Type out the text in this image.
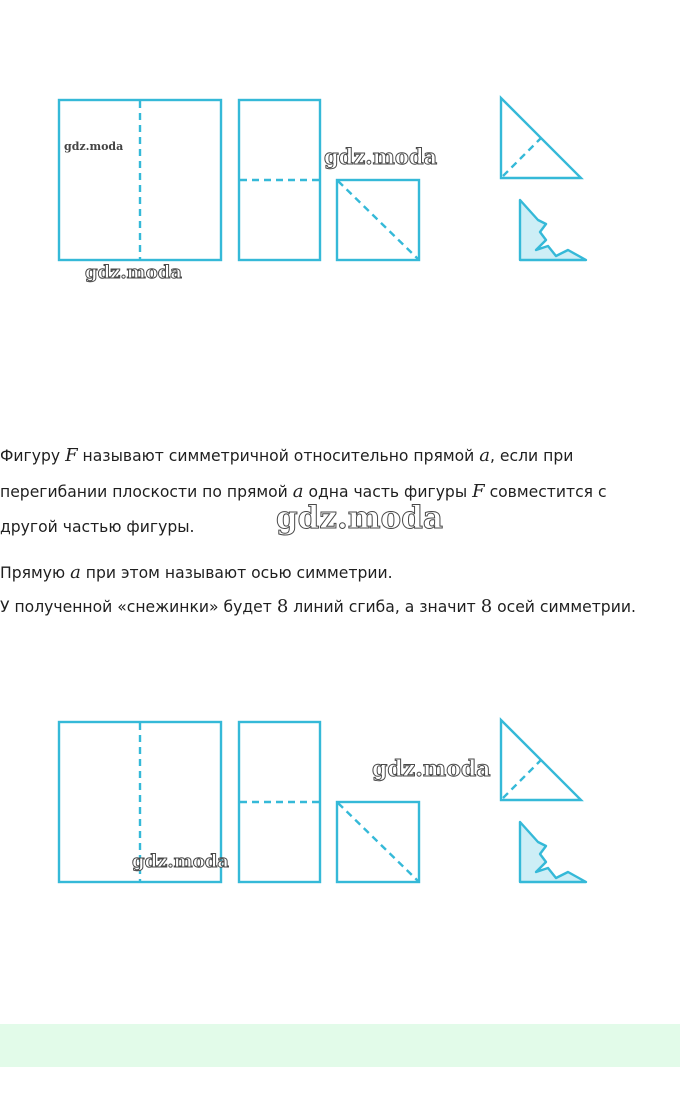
Фигуру F называют симметричной относительно прямой a, если при

перегибании плоскости по прямой a одна часть фигуры F совместится с

другой частью фигуры.

Прямую a при этом называют осью симметрии.

У полученной «снежинки» будет 8 линий сгиба, а значит 8 осей симметрии.

gdz.moda	gdz.moda
gdz.moda
gdz.moda
gdz.moda
gdz.moda
